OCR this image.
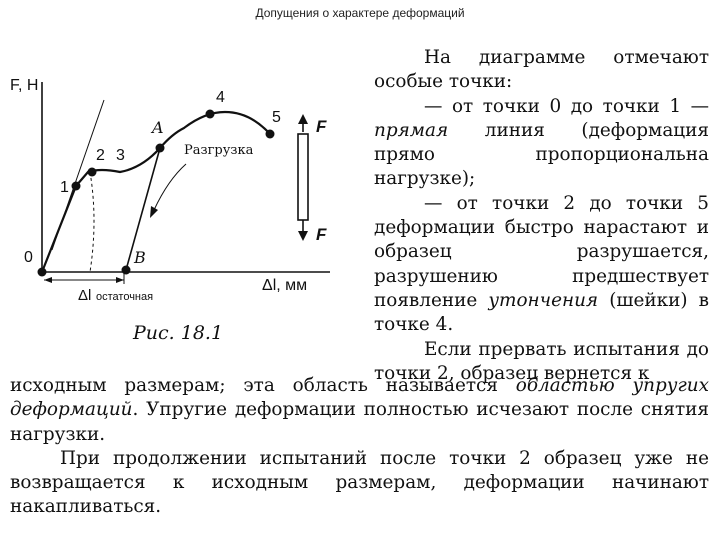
Допущения о характере деформаций
F, Н
Δl, мм
Δl остаточная
Разгрузка
F
F
0
1
2 3
A
4
5
B
Рис. 18.1

На диаграмме отмечают особые точки:

— от точки 0 до точки 1 — прямая линия (деформация прямо пропорциональна нагрузке);

— от точки 2 до точки 5 деформации быстро нарастают и образец разрушается, разрушению предшествует появление утончения (шейки) в точке 4.

Если прервать испытания до точки 2, образец вернется к

исходным размерам; эта область называется областью упругих деформаций. Упругие деформации полностью исчезают после снятия нагрузки.

При продолжении испытаний после точки 2 образец уже не возвращается к исходным размерам, деформации начинают накапливаться.
